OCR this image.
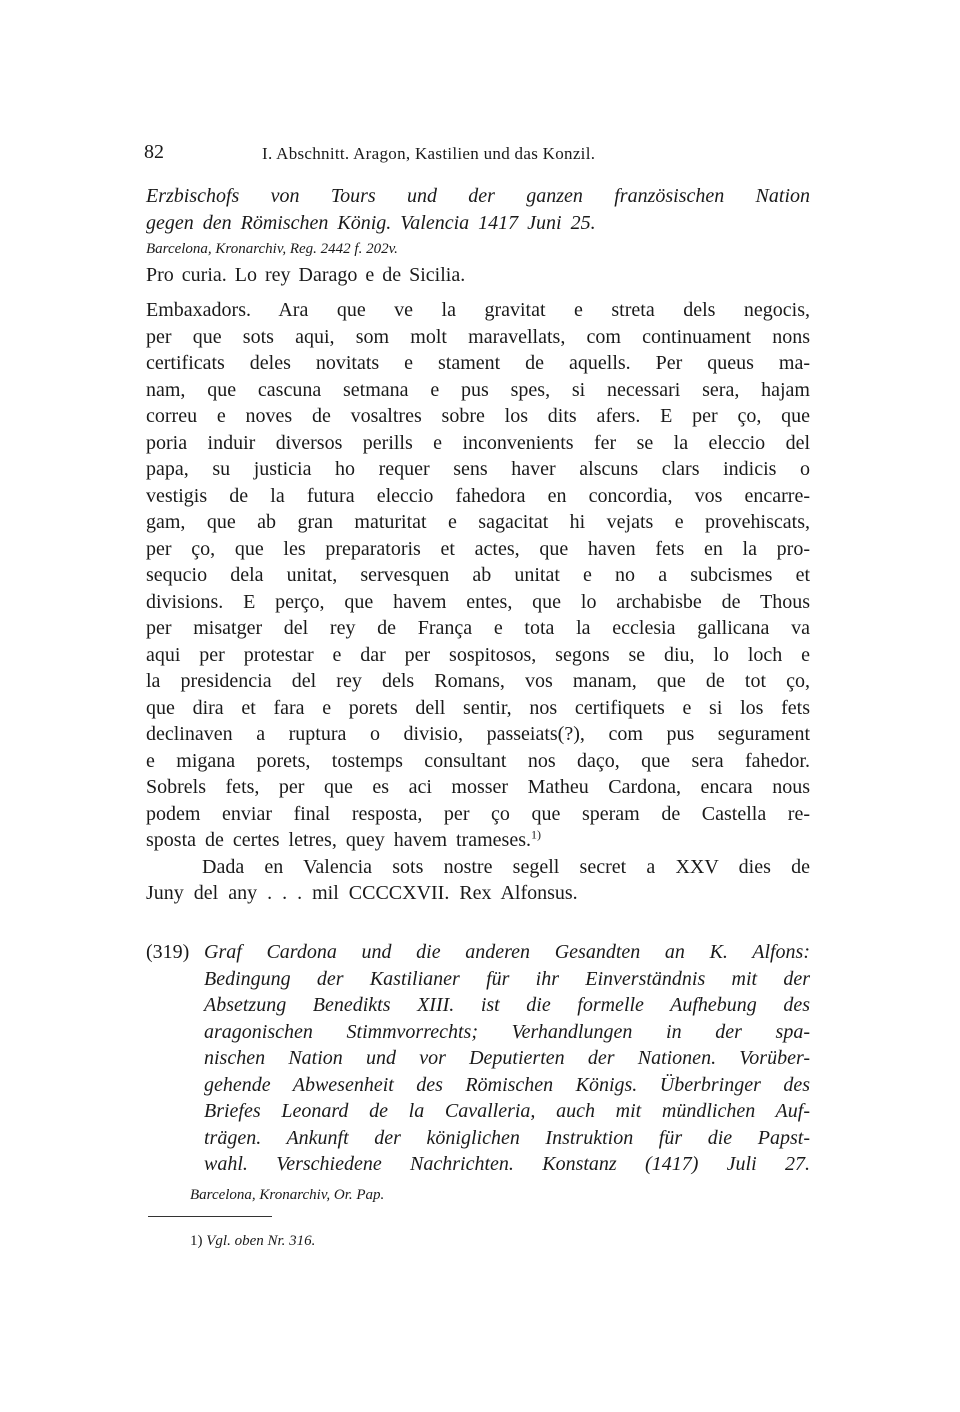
82	I. Abschnitt. Aragon, Kastilien und das Konzil.
Erzbischofs von Tours und der ganzen französischen Nation
gegen den Römischen König. Valencia 1417 Juni 25.
Barcelona, Kronarchiv, Reg. 2442 f. 202v.
Pro curia. Lo rey Darago e de Sicilia.
Embaxadors. Ara que ve la gravitat e streta dels negocis,
per que sots aqui, som molt maravellats, com continuament nons
certificats deles novitats e stament de aquells. Per queus ma-
nam, que cascuna setmana e pus spes, si necessari sera, hajam
correu e noves de vosaltres sobre los dits afers. E per ço, que
poria induir diversos perills e inconvenients fer se la eleccio del
papa, su justicia ho requer sens haver alscuns clars indicis o
vestigis de la futura eleccio fahedora en concordia, vos encarre-
gam, que ab gran maturitat e sagacitat hi vejats e provehiscats,
per ço, que les preparatoris et actes, que haven fets en la pro-
sequcio dela unitat, servesquen ab unitat e no a subcismes et
divisions. E perço, que havem entes, que lo archabisbe de Thous
per misatger del rey de França e tota la ecclesia gallicana va
aqui per protestar e dar per sospitosos, segons se diu, lo loch e
la presidencia del rey dels Romans, vos manam, que de tot ço,
que dira et fara e porets dell sentir, nos certifiquets e si los fets
declinaven a ruptura o divisio, passeiats(?), com pus segurament
e migana porets, tostemps consultant nos daço, que sera fahedor.
Sobrels fets, per que es aci mosser Matheu Cardona, encara nous
podem enviar final resposta, per ço que speram de Castella re-
sposta de certes letres, quey havem trameses.$^{1)}$
Dada en Valencia sots nostre segell secret a XXV dies de
Juny del any . . . mil CCCCXVII. Rex Alfonsus.
(319) Graf Cardona und die anderen Gesandten an K. Alfons:
Bedingung der Kastilianer für ihr Einverständnis mit der
Absetzung Benedikts XIII. ist die formelle Aufhebung des
aragonischen Stimmvorrechts; Verhandlungen in der spa-
nischen Nation und vor Deputierten der Nationen. Vorüber-
gehende Abwesenheit des Römischen Königs. Überbringer des
Briefes Leonard de la Cavalleria, auch mit mündlichen Auf-
trägen. Ankunft der königlichen Instruktion für die Papst-
wahl. Verschiedene Nachrichten. Konstanz (1417) Juli 27.
Barcelona, Kronarchiv, Or. Pap.
1) Vgl. oben Nr. 316.
